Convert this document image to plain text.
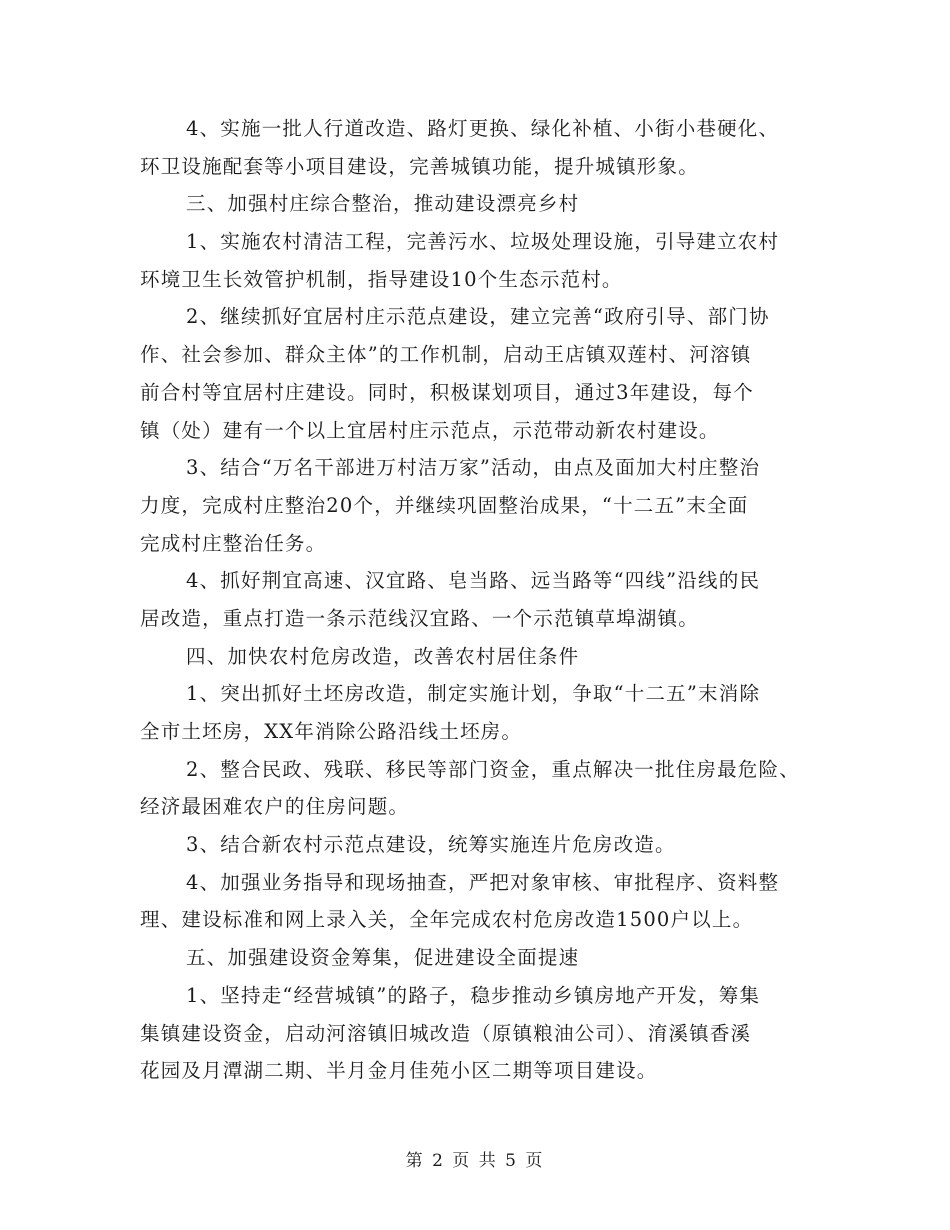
4、实施一批人行道改造、路灯更换、绿化补植、小街小巷硬化、
环卫设施配套等小项目建设，完善城镇功能，提升城镇形象。
三、加强村庄综合整治，推动建设漂亮乡村
1、实施农村清洁工程，完善污水、垃圾处理设施，引导建立农村
环境卫生长效管护机制，指导建设10个生态示范村。
2、继续抓好宜居村庄示范点建设，建立完善“政府引导、部门协
作、社会参加、群众主体”的工作机制，启动王店镇双莲村、河溶镇
前合村等宜居村庄建设。同时，积极谋划项目，通过3年建设，每个
镇（处）建有一个以上宜居村庄示范点，示范带动新农村建设。
3、结合“万名干部进万村洁万家”活动，由点及面加大村庄整治
力度，完成村庄整治20个，并继续巩固整治成果，“十二五”末全面
完成村庄整治任务。
4、抓好荆宜高速、汉宜路、皂当路、远当路等“四线”沿线的民
居改造，重点打造一条示范线汉宜路、一个示范镇草埠湖镇。
四、加快农村危房改造，改善农村居住条件
1、突出抓好土坯房改造，制定实施计划，争取“十二五”末消除
全市土坯房，XX年消除公路沿线土坯房。
2、整合民政、残联、移民等部门资金，重点解决一批住房最危险、
经济最困难农户的住房问题。
3、结合新农村示范点建设，统筹实施连片危房改造。
4、加强业务指导和现场抽查，严把对象审核、审批程序、资料整
理、建设标准和网上录入关，全年完成农村危房改造1500户以上。
五、加强建设资金筹集，促进建设全面提速
1、坚持走“经营城镇”的路子，稳步推动乡镇房地产开发，筹集
集镇建设资金，启动河溶镇旧城改造（原镇粮油公司）、淯溪镇香溪
花园及月潭湖二期、半月金月佳苑小区二期等项目建设。
第 2 页 共 5 页
